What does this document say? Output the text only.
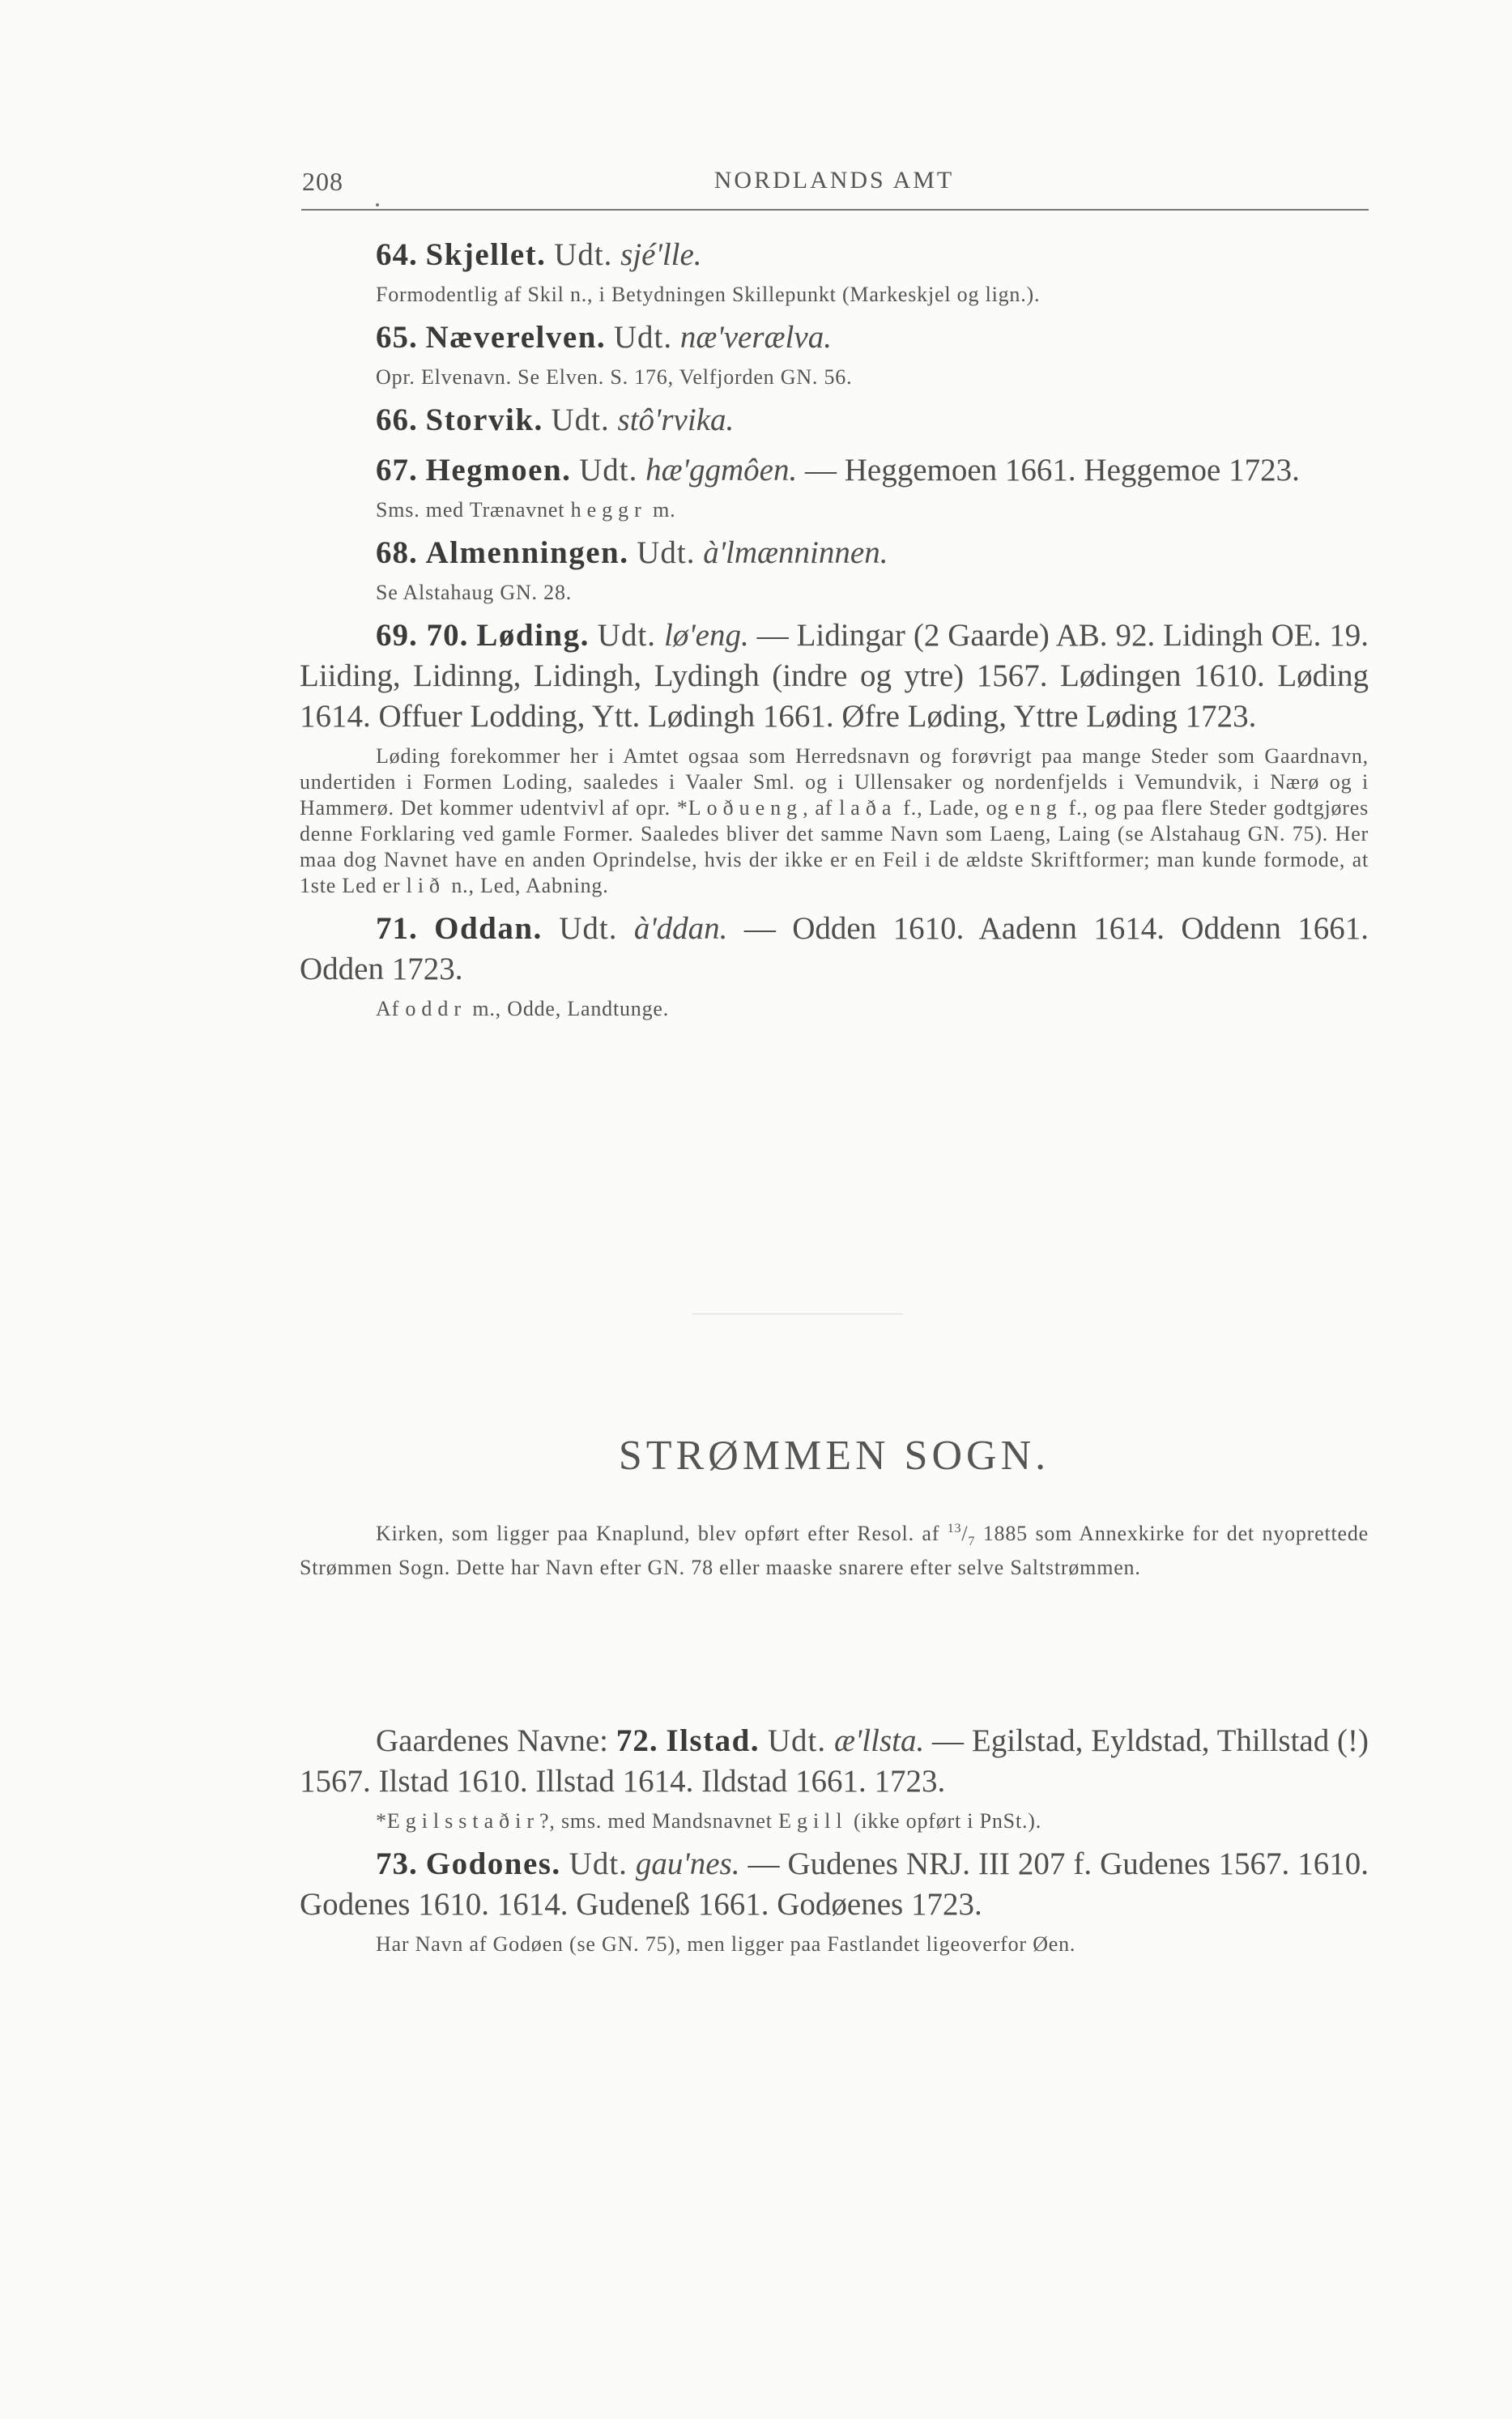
208	NORDLANDS AMT

64. Skjellet. Udt. sjé'lle.

Formodentlig af Skil n., i Betydningen Skillepunkt (Markeskjel og lign.).

65. Næverelven. Udt. næ'verælva.

Opr. Elvenavn. Se Elven. S. 176, Velfjorden GN. 56.

66. Storvik. Udt. stô'rvika.

67. Hegmoen. Udt. hæ'ggmôen. — Heggemoen 1661. Heggemoe 1723.

Sms. med Trænavnet heggr m.

68. Almenningen. Udt. à'lmænninnen.

Se Alstahaug GN. 28.

69. 70. Løding. Udt. lø'eng. — Lidingar (2 Gaarde) AB. 92. Lidingh OE. 19. Liiding, Lidinng, Lidingh, Lydingh (indre og ytre) 1567. Lødingen 1610. Løding 1614. Offuer Lodding, Ytt. Lødingh 1661. Øfre Løding, Yttre Løding 1723.

Løding forekommer her i Amtet ogsaa som Herredsnavn og forøvrigt paa mange Steder som Gaardnavn, undertiden i Formen Loding, saaledes i Vaaler Sml. og i Ullensaker og nordenfjelds i Vemundvik, i Nærø og i Hammerø. Det kommer udentvivl af opr. *Loðueng, af laða f., Lade, og eng f., og paa flere Steder godtgjøres denne Forklaring ved gamle Former. Saaledes bliver det samme Navn som Laeng, Laing (se Alstahaug GN. 75). Her maa dog Navnet have en anden Oprindelse, hvis der ikke er en Feil i de ældste Skriftformer; man kunde formode, at 1ste Led er lið n., Led, Aabning.

71. Oddan. Udt. à'ddan. — Odden 1610. Aadenn 1614. Oddenn 1661. Odden 1723.

Af oddr m., Odde, Landtunge.

STRØMMEN SOGN.

Kirken, som ligger paa Knaplund, blev opført efter Resol. af $^{13}/_7$ 1885 som Annexkirke for det nyoprettede Strømmen Sogn. Dette har Navn efter GN. 78 eller maaske snarere efter selve Saltstrømmen.

Gaardenes Navne: 72. Ilstad. Udt. æ'llsta. — Egilstad, Eyldstad, Thillstad (!) 1567. Ilstad 1610. Illstad 1614. Ildstad 1661. 1723.

*Egilsstaðir?, sms. med Mandsnavnet Egill (ikke opført i PnSt.).

73. Godones. Udt. gau'nes. — Gudenes NRJ. III 207 f. Gudenes 1567. 1610. Godenes 1610. 1614. Gudeneß 1661. Godøenes 1723.

Har Navn af Godøen (se GN. 75), men ligger paa Fastlandet ligeoverfor Øen.
